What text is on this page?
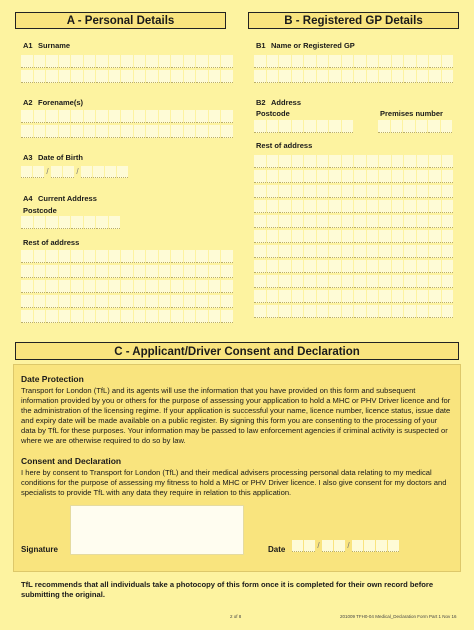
A - Personal Details	B - Registered GP Details
A1 Surname
A2 Forename(s)
A3 Date of Birth
A4 Current Address
Postcode
Rest of address
B1 Name or Registered GP
B2 Address
Postcode	Premises number
Rest of address
/	/
C - Applicant/Driver Consent and Declaration
Date Protection
Transport for London (TfL) and its agents will use the information that you have provided on this form and subsequent information provided by you or others for the purpose of assessing your application to hold a MHC or PHV Driver licence and for the administration of the licensing regime. If your application is successful your name, licence number, licence status, issue date and expiry date will be made available on a public register. By signing this form you are consenting to the processing of your data by TfL for these purposes. Your information may be passed to law enforcement agencies if criminal activity is suspected or where we are otherwise required to do so by law.
Consent and Declaration
I here by consent to Transport for London (TfL) and their medical advisers processing personal data relating to my medical conditions for the purpose of assessing my fitness to hold a MHC or PHV Driver licence. I also give consent for my doctors and specialists to provide TfL with any data they require in relation to this application.
Signature	Date	/	/
TfL recommends that all individuals take a photocopy of this form once it is completed for their own record before submitting the original.
2 of 8	201009 TFH0-04 Medical_Declaration Form Part 1 Nov 16
